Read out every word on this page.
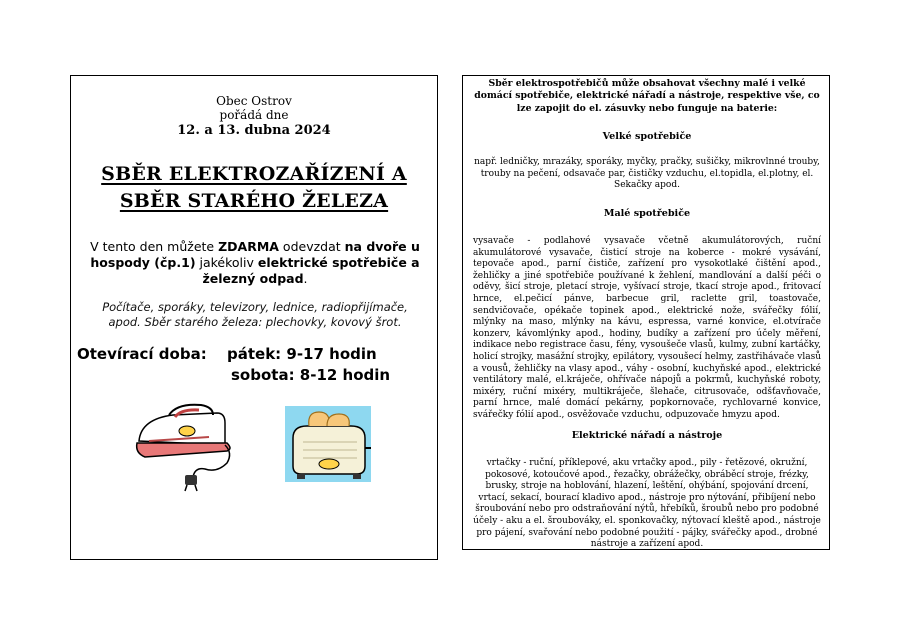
Obec Ostrov
pořádá dne
12. a 13. dubna 2024
SBĚR ELEKTROZAŘÍZENÍ A
SBĚR STARÉHO ŽELEZA
V tento den můžete ZDARMA odevzdat na dvoře u hospody (čp.1) jakékoliv elektrické spotřebiče a železný odpad.
Počítače, sporáky, televizory, lednice, radiopřijímače,
apod. Sběr starého železa: plechovky, kovový šrot.
Otevírací doba: pátek: 9-17 hodin
sobota: 8-12 hodin
Sběr elektrospotřebičů může obsahovat všechny malé i velké domácí spotřebiče, elektrické nářadí a nástroje, respektive vše, co lze zapojit do el. zásuvky nebo funguje na baterie:
Velké spotřebiče
např. ledničky, mrazáky, sporáky, myčky, pračky, sušičky, mikrovlnné trouby, trouby na pečení, odsavače par, čističky vzduchu, el.topidla, el.plotny, el. Sekačky apod.
Malé spotřebiče
vysavače - podlahové vysavače včetně akumulátorových, ruční akumulátorové vysavače, čisticí stroje na koberce - mokré vysávání, tepovače apod., parní čističe, zařízení pro vysokotlaké čištění apod., žehličky a jiné spotřebiče používané k žehlení, mandlování a další péči o oděvy, šicí stroje, pletací stroje, vyšívací stroje, tkací stroje apod., fritovací hrnce, el.pečicí pánve, barbecue gril, raclette gril, toastovače, sendvičovače, opékače topinek apod., elektrické nože, svářečky fólií, mlýnky na maso, mlýnky na kávu, espressa, varné konvice, el.otvírače konzerv, kávomlýnky apod., hodiny, budíky a zařízení pro účely měření, indikace nebo registrace času, fény, vysoušeče vlasů, kulmy, zubní kartáčky, holicí strojky, masážní strojky, epilátory, vysoušecí helmy, zastřihávače vlasů a vousů, žehličky na vlasy apod., váhy - osobní, kuchyňské apod., elektrické ventilátory malé, el.kráječe, ohřívače nápojů a pokrmů, kuchyňské roboty, mixéry, ruční mixéry, multikráječe, šlehače, citrusovače, odšťavňovače, parní hrnce, malé domácí pekárny, popkornovače, rychlovarné konvice, svářečky fólií apod., osvěžovače vzduchu, odpuzovače hmyzu apod.
Elektrické nářadí a nástroje
vrtačky - ruční, příklepové, aku vrtačky apod., pily - řetězové, okružní, pokosové, kotoučové apod., řezačky, obrážečky, obráběcí stroje, frézky, brusky, stroje na hoblování, hlazení, leštění, ohýbání, spojování drcení, vrtací, sekací, bourací kladivo apod., nástroje pro nýtování, přibíjení nebo šroubování nebo pro odstraňování nýtů, hřebíků, šroubů nebo pro podobné účely - aku a el. šroubováky, el. sponkovačky, nýtovací kleště apod., nástroje pro pájení, svařování nebo podobné použití - pájky, svářečky apod., drobné nástroje a zařízení apod.
